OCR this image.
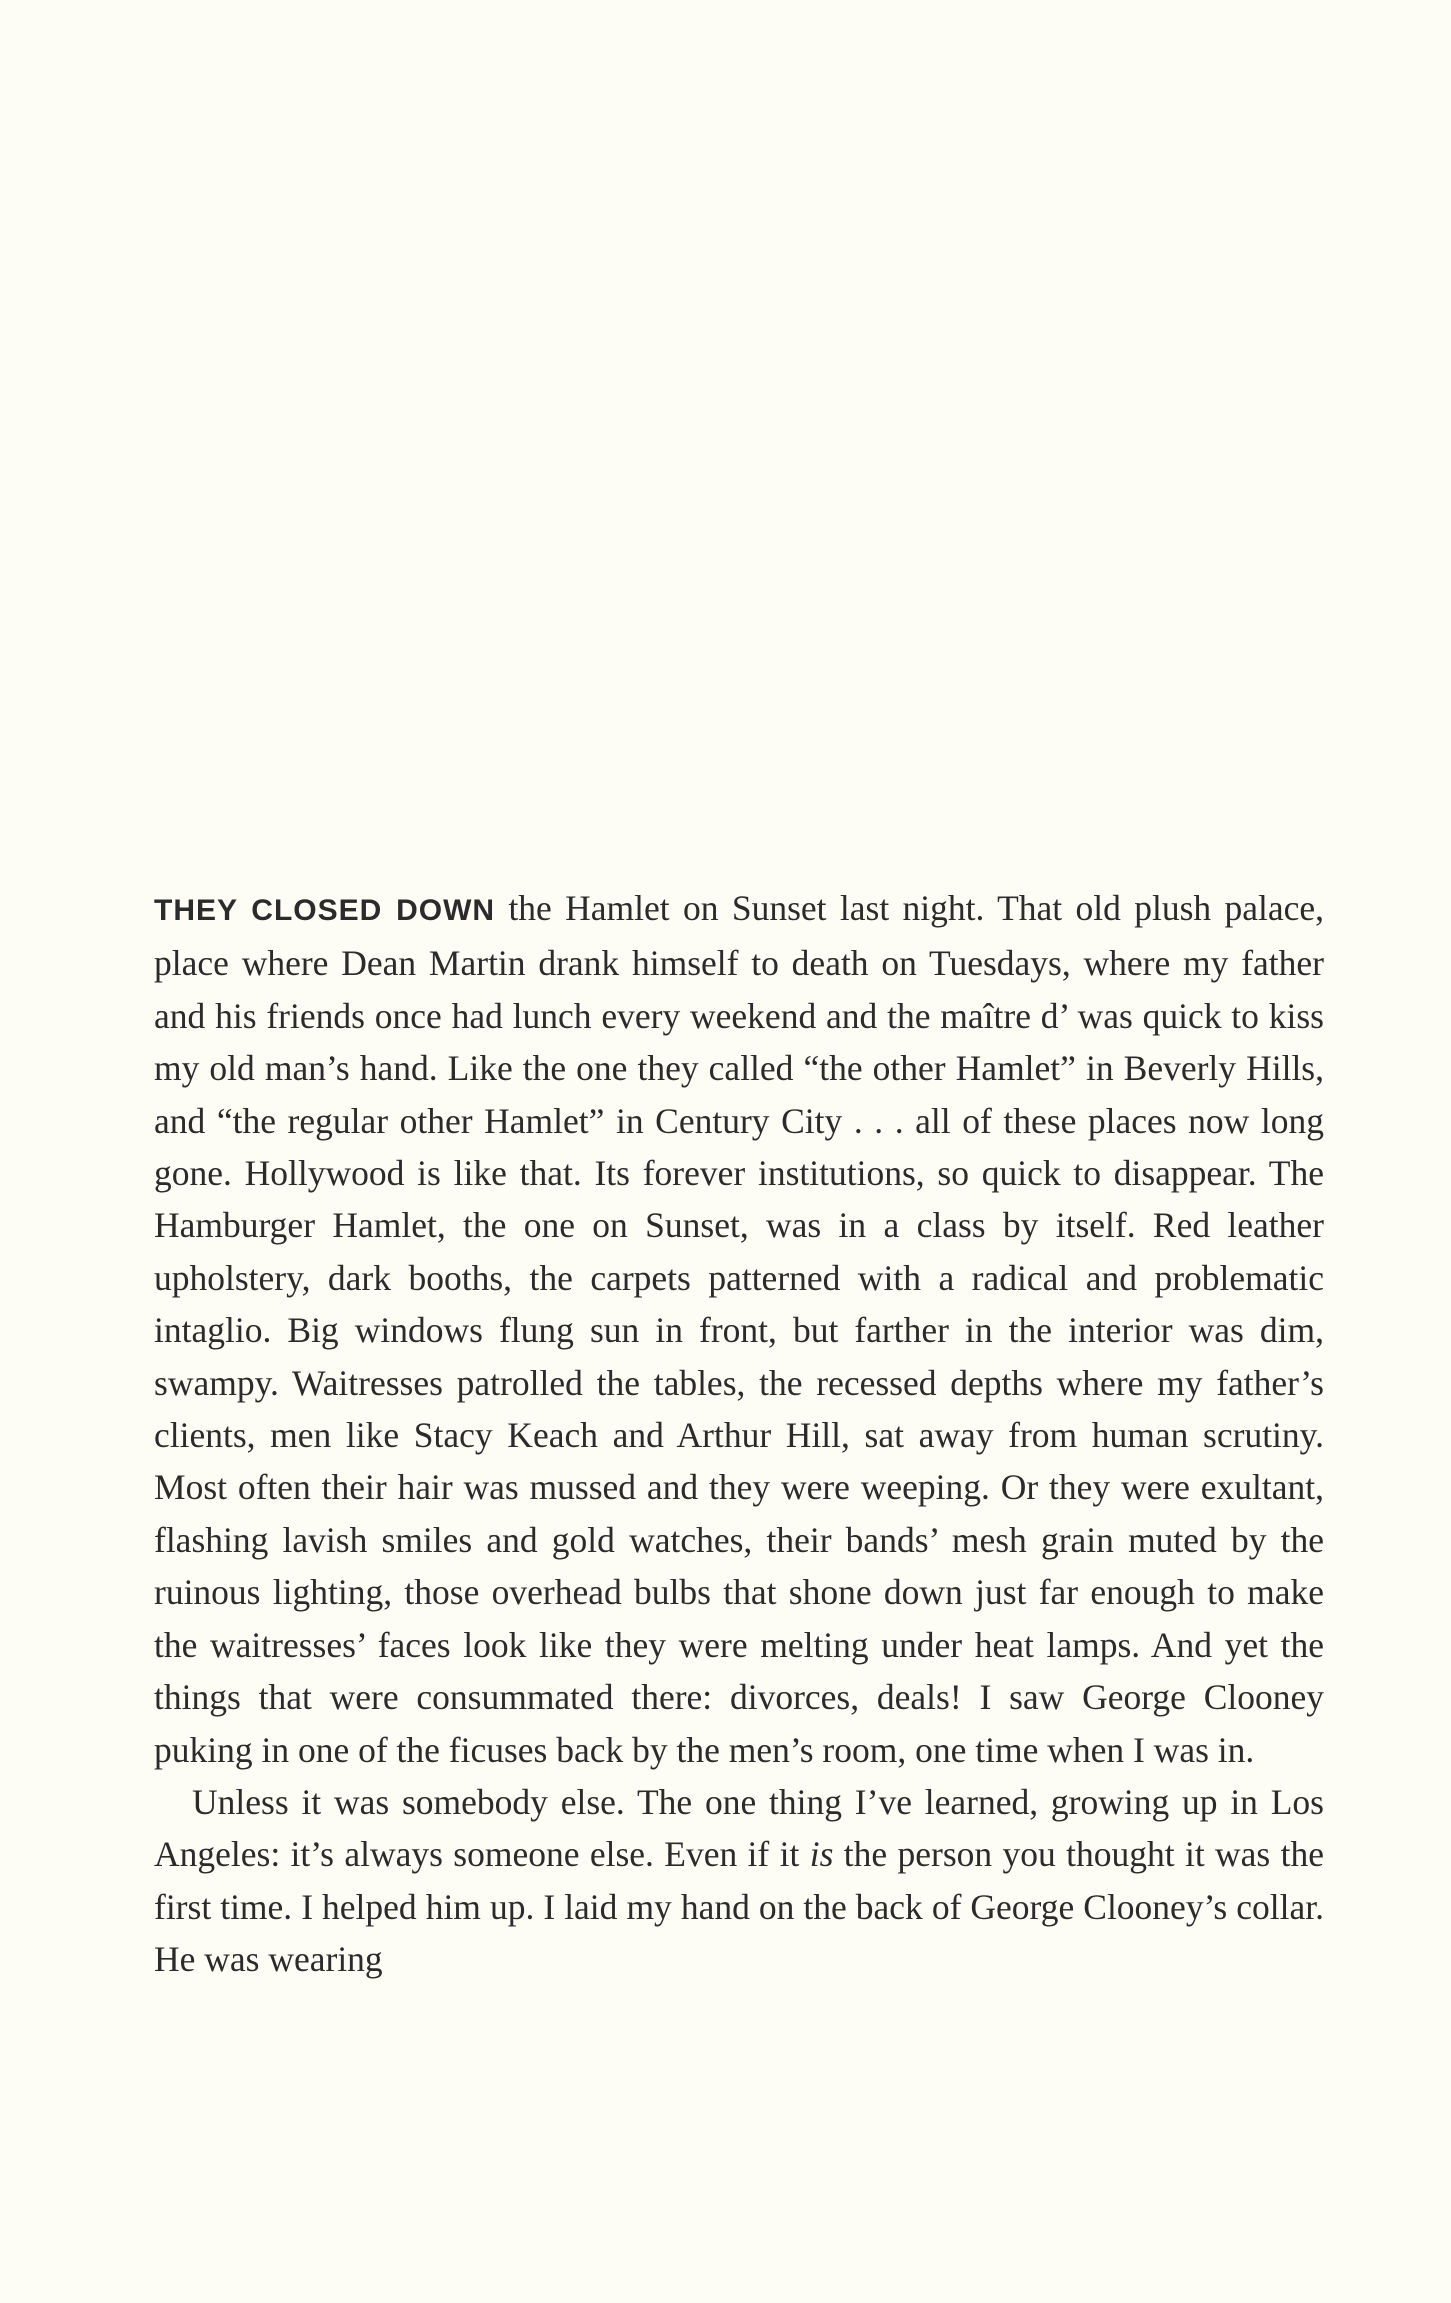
THEY CLOSED DOWN the Hamlet on Sunset last night. That old plush palace, place where Dean Martin drank himself to death on Tuesdays, where my father and his friends once had lunch every weekend and the maître d’ was quick to kiss my old man’s hand. Like the one they called “the other Hamlet” in Beverly Hills, and “the regular other Hamlet” in Century City . . . all of these places now long gone. Hollywood is like that. Its forever institutions, so quick to disappear. The Hamburger Hamlet, the one on Sunset, was in a class by itself. Red leather upholstery, dark booths, the carpets patterned with a radical and problematic intaglio. Big windows flung sun in front, but farther in the interior was dim, swampy. Waitresses patrolled the tables, the recessed depths where my father’s clients, men like Stacy Keach and Arthur Hill, sat away from human scrutiny. Most often their hair was mussed and they were weeping. Or they were exultant, flashing lavish smiles and gold watches, their bands’ mesh grain muted by the ruinous lighting, those overhead bulbs that shone down just far enough to make the waitresses’ faces look like they were melting under heat lamps. And yet the things that were consummated there: divorces, deals! I saw George Clooney puking in one of the ficuses back by the men’s room, one time when I was in.

Unless it was somebody else. The one thing I’ve learned, growing up in Los Angeles: it’s always someone else. Even if it is the person you thought it was the first time. I helped him up. I laid my hand on the back of George Clooney’s collar. He was wearing
